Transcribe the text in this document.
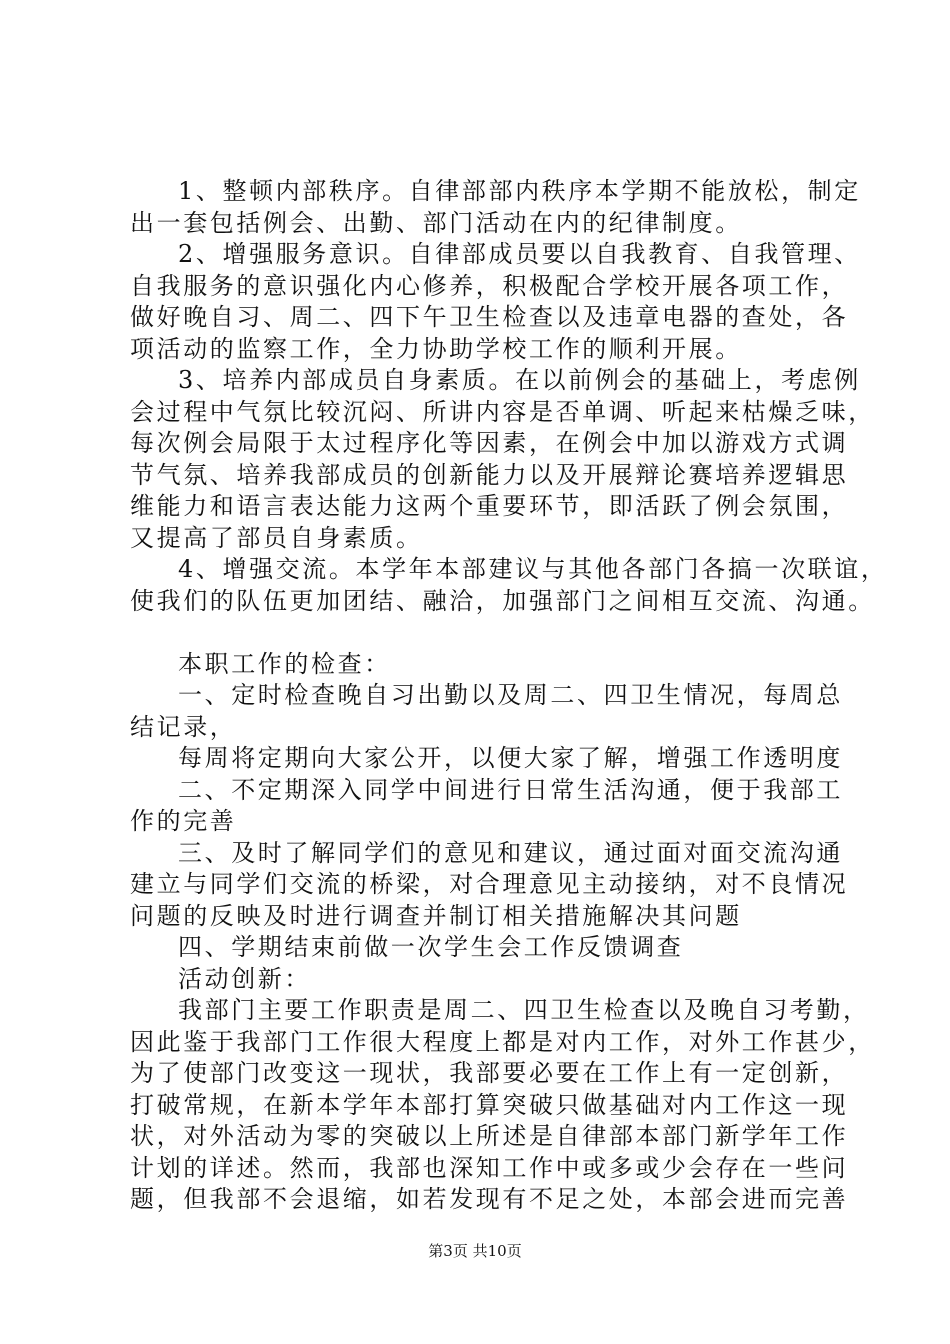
1、整顿内部秩序。自律部部内秩序本学期不能放松，制定
出一套包括例会、出勤、部门活动在内的纪律制度。
2、增强服务意识。自律部成员要以自我教育、自我管理、
自我服务的意识强化内心修养，积极配合学校开展各项工作，
做好晚自习、周二、四下午卫生检查以及违章电器的查处，各
项活动的监察工作，全力协助学校工作的顺利开展。
3、培养内部成员自身素质。在以前例会的基础上，考虑例
会过程中气氛比较沉闷、所讲内容是否单调、听起来枯燥乏味，
每次例会局限于太过程序化等因素，在例会中加以游戏方式调
节气氛、培养我部成员的创新能力以及开展辩论赛培养逻辑思
维能力和语言表达能力这两个重要环节，即活跃了例会氛围，
又提高了部员自身素质。
4、增强交流。本学年本部建议与其他各部门各搞一次联谊，
使我们的队伍更加团结、融洽，加强部门之间相互交流、沟通。
本职工作的检查：
一、定时检查晚自习出勤以及周二、四卫生情况，每周总
结记录，
每周将定期向大家公开，以便大家了解，增强工作透明度
二、不定期深入同学中间进行日常生活沟通，便于我部工
作的完善
三、及时了解同学们的意见和建议，通过面对面交流沟通
建立与同学们交流的桥梁，对合理意见主动接纳，对不良情况
问题的反映及时进行调查并制订相关措施解决其问题
四、学期结束前做一次学生会工作反馈调查
活动创新：
我部门主要工作职责是周二、四卫生检查以及晚自习考勤，
因此鉴于我部门工作很大程度上都是对内工作，对外工作甚少，
为了使部门改变这一现状，我部要必要在工作上有一定创新，
打破常规，在新本学年本部打算突破只做基础对内工作这一现
状，对外活动为零的突破以上所述是自律部本部门新学年工作
计划的详述。然而，我部也深知工作中或多或少会存在一些问
题，但我部不会退缩，如若发现有不足之处，本部会进而完善
第3页 共10页
